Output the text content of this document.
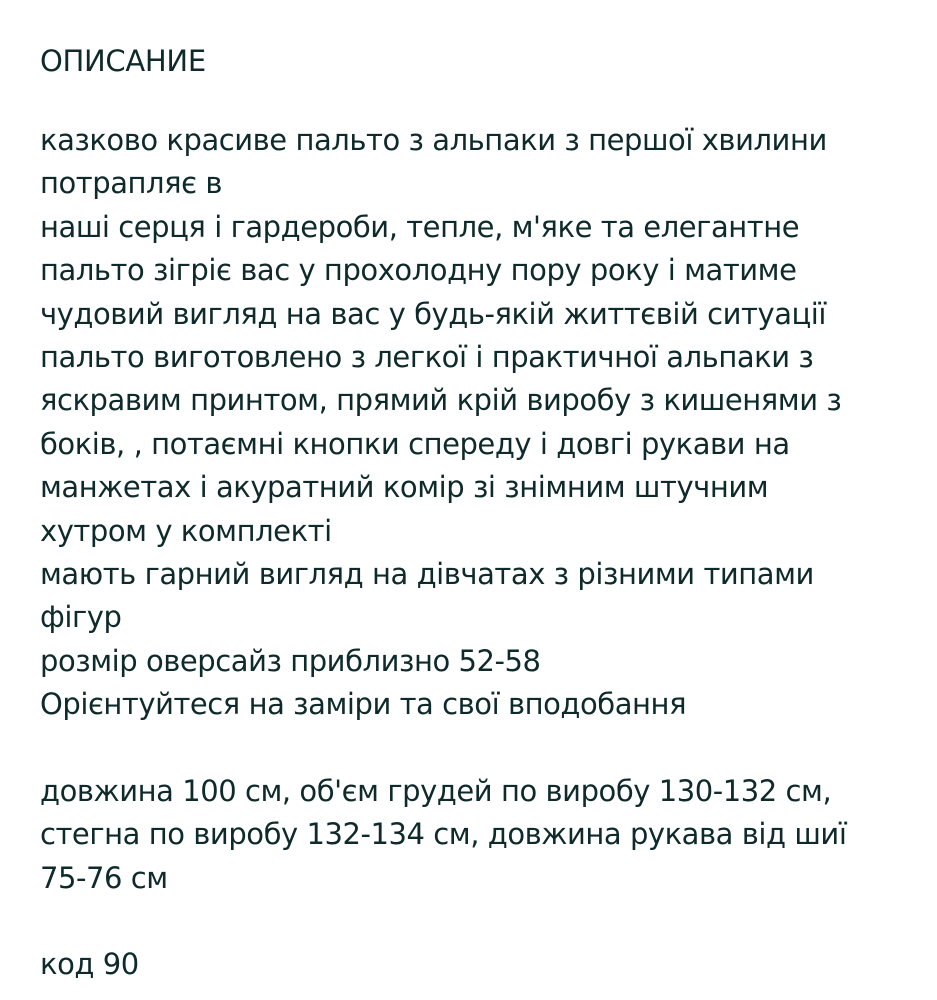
ОПИСАНИЕ
казково красиве пальто з альпаки з першої хвилини
потрапляє в
наші серця і гардероби, тепле, м'яке та елегантне
пальто зігріє вас у прохолодну пору року і матиме
чудовий вигляд на вас у будь-якій життєвій ситуації
пальто виготовлено з легкої і практичної альпаки з
яскравим принтом, прямий крій виробу з кишенями з
боків, , потаємні кнопки спереду і довгі рукави на
манжетах і акуратний комір зі знімним штучним
хутром у комплекті
мають гарний вигляд на дівчатах з різними типами
фігур
розмір оверсайз приблизно 52-58
Орієнтуйтеся на заміри та свої вподобання
довжина 100 см, об'єм грудей по виробу 130-132 см,
стегна по виробу 132-134 см, довжина рукава від шиї
75-76 см
код 90
